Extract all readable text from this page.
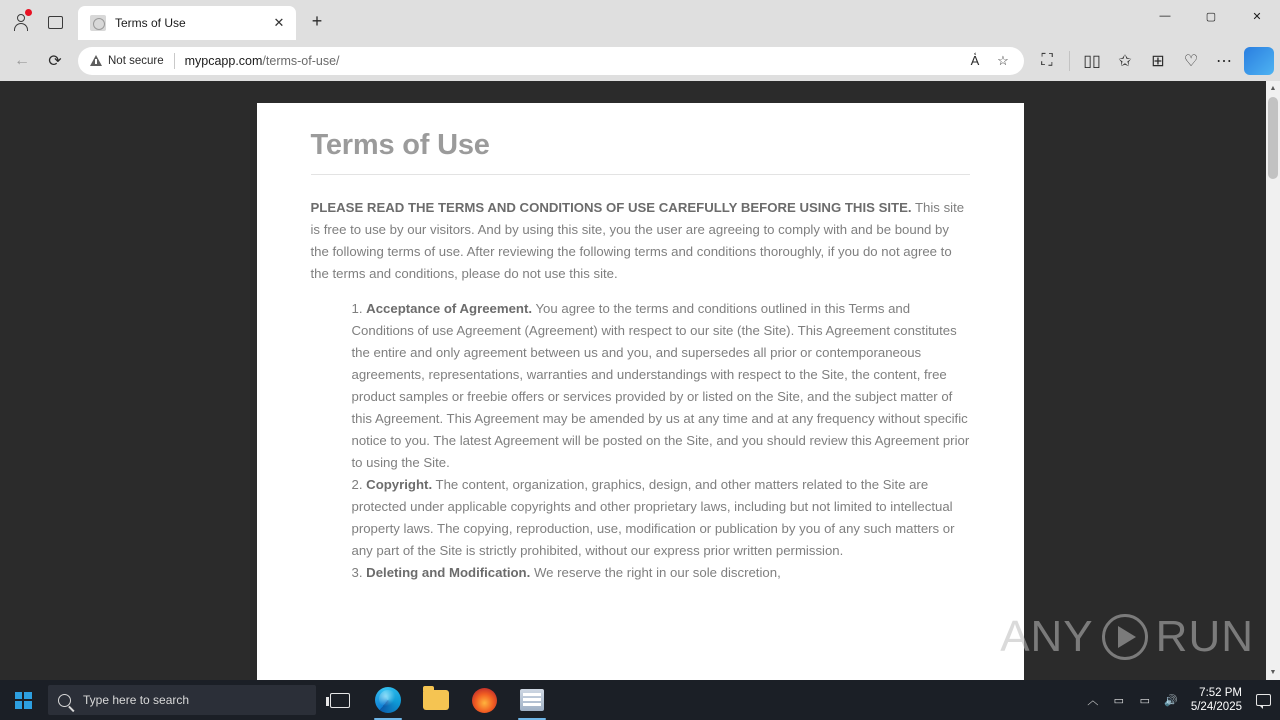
Terms of Use	✕	+	—	▢	✕
←	⟳	Not secure mypcapp.com/terms-of-use/	A᷾	☆	⛶	▯▯	✩	⊞	♡	⋯
Terms of Use

PLEASE READ THE TERMS AND CONDITIONS OF USE CAREFULLY BEFORE USING THIS SITE. This site is free to use by our visitors. And by using this site, you the user are agreeing to comply with and be bound by the following terms of use. After reviewing the following terms and conditions thoroughly, if you do not agree to the terms and conditions, please do not use this site.

1. Acceptance of Agreement. You agree to the terms and conditions outlined in this Terms and Conditions of use Agreement (Agreement) with respect to our site (the Site). This Agreement constitutes the entire and only agreement between us and you, and supersedes all prior or contemporaneous agreements, representations, warranties and understandings with respect to the Site, the content, free product samples or freebie offers or services provided by or listed on the Site, and the subject matter of this Agreement. This Agreement may be amended by us at any time and at any frequency without specific notice to you. The latest Agreement will be posted on the Site, and you should review this Agreement prior to using the Site.
2. Copyright. The content, organization, graphics, design, and other matters related to the Site are protected under applicable copyrights and other proprietary laws, including but not limited to intellectual property laws. The copying, reproduction, use, modification or publication by you of any such matters or any part of the Site is strictly prohibited, without our express prior written permission.
3. Deleting and Modification. We reserve the right in our sole discretion,
ANY RUN
▲
▼
Type here to search	︿	▭	▭	🔊
7:52 PM
5/24/2025
